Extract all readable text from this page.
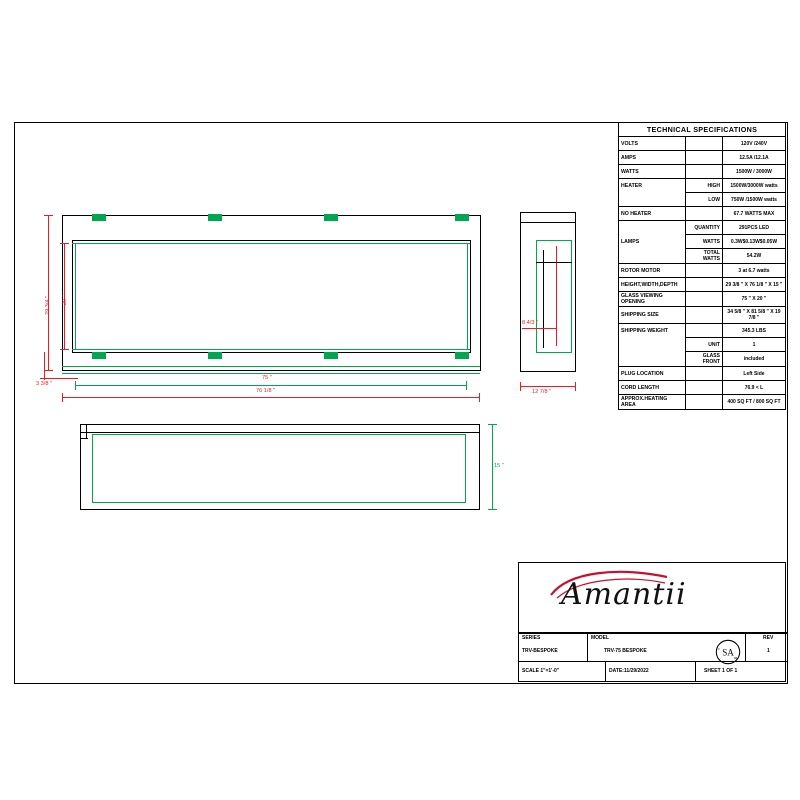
29 3/4 " 20 "
3 3/8 "
75 "
76 1/8 "
8 4/3 "
12 7/8 "
15 "
TECHNICAL SPECIFICATIONS		
VOLTS		120V /240V
AMPS		12.5A /12.1A
WATTS		1500W / 3000W
HEATER	HIGH	1500W/3000W watts
	LOW	750W /1500W watts
NO HEATER		67.7 WATTS MAX
	QUANTITY	291PCS LED
LAMPS	WATTS	0.3W$0.13W$0.05W
	TOTAL WATTS	54.2W
ROTOR MOTOR		3 at 6.7 watts
HEIGHT,WIDTH,DEPTH		29 3/8 " X 76 1/8 " X 15 "
GLASS VIEWING OPENING		75 " X 20 "
SHIPPING SIZE		34 5/8 " X 81 5/8 " X 19 7/8 "
SHIPPING WEIGHT		345.3 LBS
	UNIT	1
	GLASS FRONT	included
PLUG LOCATION		Left Side
CORD LENGTH		76.9 < L
APPROX.HEATING AREA		400 SQ FT / 800 SQ FT
Amantii
SA
c
us
SERIES
TRV-BESPOKE
MODEL
TRV-75 BESPOKE
REV
1
SCALE 1"=1'-0"	DATE:11/29/2022	SHEET 1 OF 1
